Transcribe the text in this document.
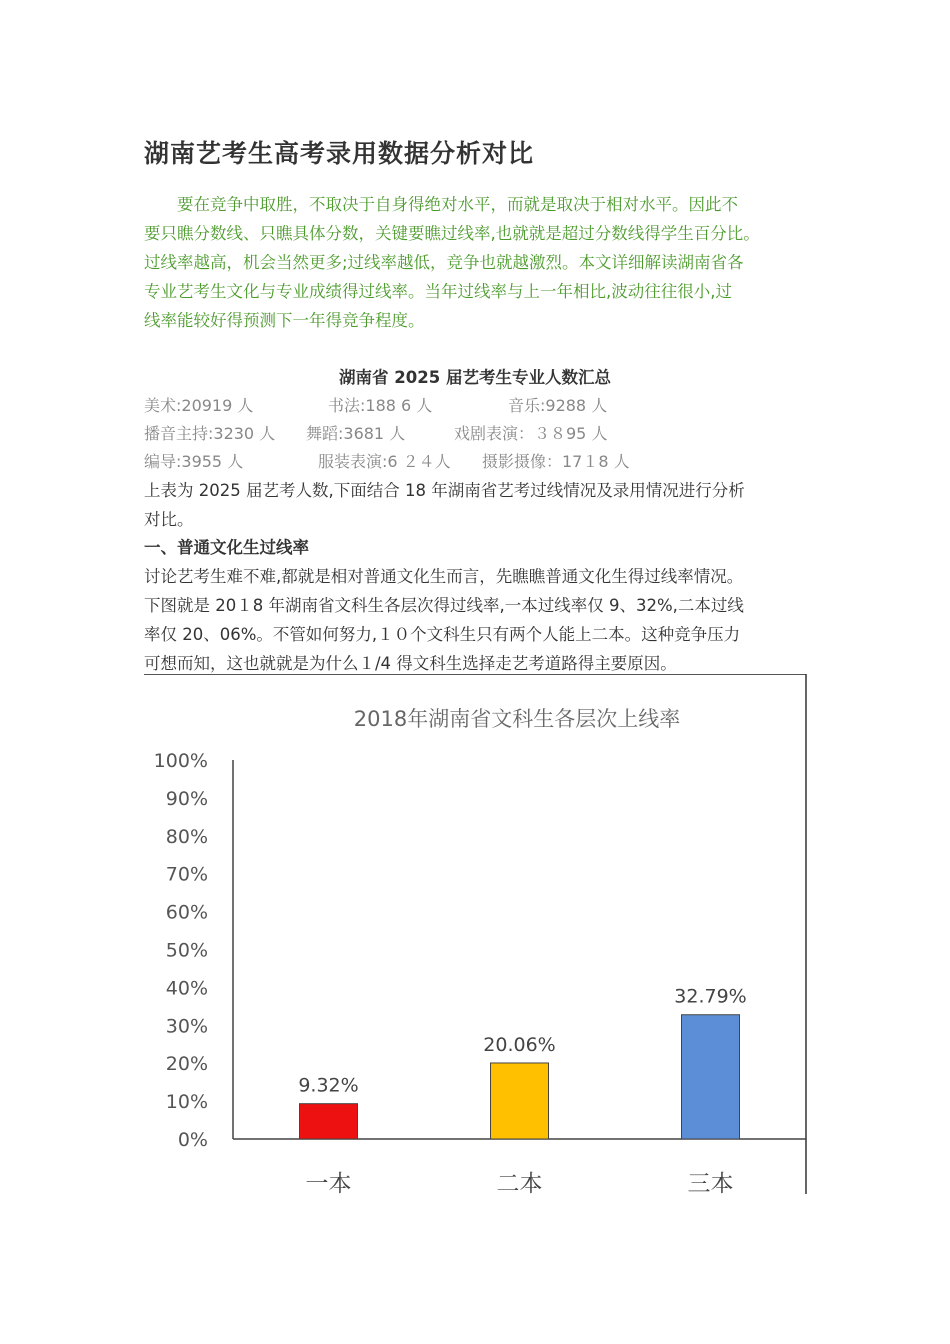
湖南艺考生高考录用数据分析对比

要在竞争中取胜，不取决于自身得绝对水平，而就是取决于相对水平。因此不
要只瞧分数线、只瞧具体分数，关键要瞧过线率,也就就是超过分数线得学生百分比。
过线率越高，机会当然更多;过线率越低，竞争也就越激烈。本文详细解读湖南省各
专业艺考生文化与专业成绩得过线率。当年过线率与上一年相比,波动往往很小,过
线率能较好得预测下一年得竞争程度。

湖南省 2025 届艺考生专业人数汇总
美术:20919 人	书法:188 6 人	音乐:9288 人
播音主持:3230 人 舞蹈:3681 人	戏剧表演：３８95 人
编导:3955 人	服装表演:6 ２４人 摄影摄像：17１8 人
上表为 2025 届艺考人数,下面结合 18 年湖南省艺考过线情况及录用情况进行分析
对比。
一、普通文化生过线率
讨论艺考生难不难,都就是相对普通文化生而言，先瞧瞧普通文化生得过线率情况。
下图就是 20１8 年湖南省文科生各层次得过线率,一本过线率仅 9、32%,二本过线
率仅 20、06%。不管如何努力,１０个文科生只有两个人能上二本。这种竞争压力
可想而知，这也就就是为什么１/4 得文科生选择走艺考道路得主要原因。
2018年湖南省文科生各层次上线率
0%
10%
20%
30%
40%
50%
60%
70%
80%
90%
100%
9.32%
20.06%
32.79%
一本	二本	三本
